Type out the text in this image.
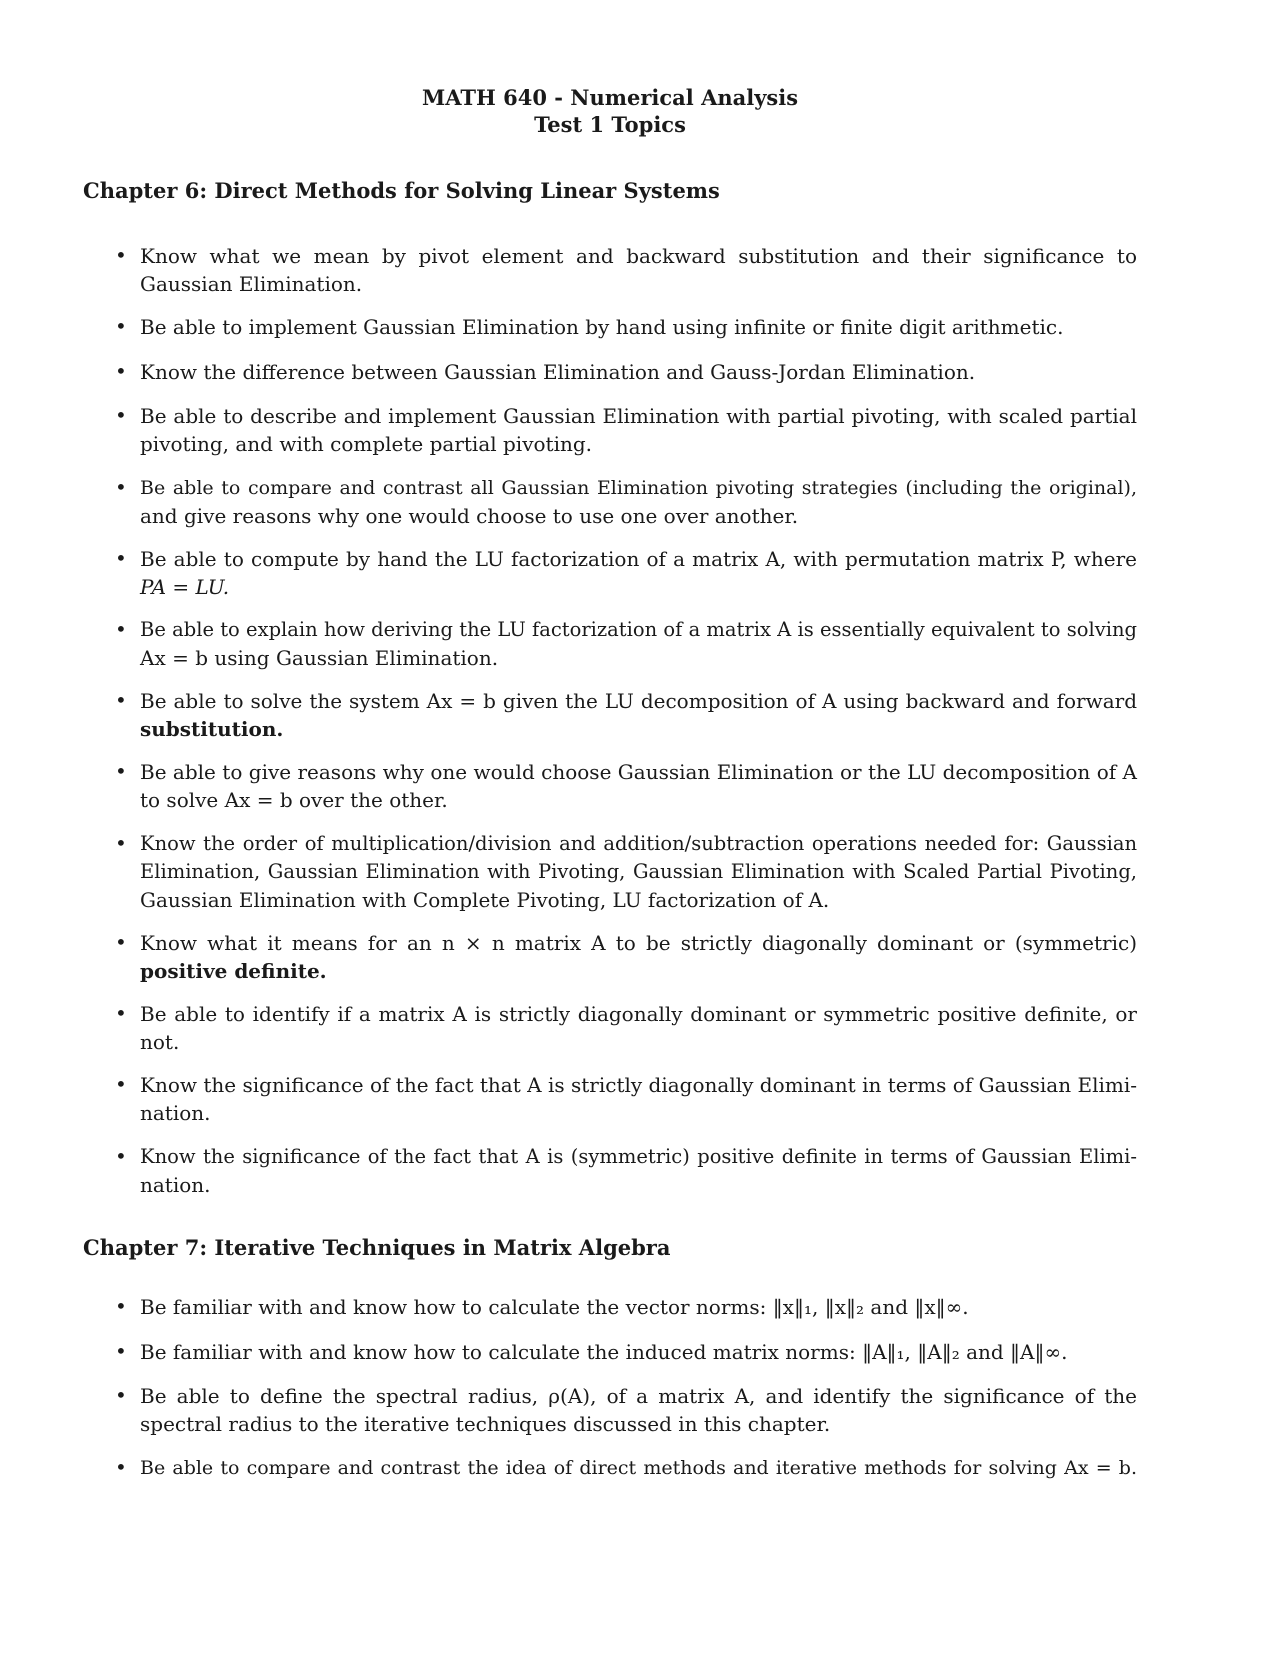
MATH 640 - Numerical Analysis
Test 1 Topics
Chapter 6: Direct Methods for Solving Linear Systems
• Know what we mean by pivot element and backward substitution and their significance to
Gaussian Elimination.
• Be able to implement Gaussian Elimination by hand using infinite or finite digit arithmetic.
• Know the difference between Gaussian Elimination and Gauss-Jordan Elimination.
• Be able to describe and implement Gaussian Elimination with partial pivoting, with scaled partial
pivoting, and with complete partial pivoting.
• Be able to compare and contrast all Gaussian Elimination pivoting strategies (including the original),
and give reasons why one would choose to use one over another.
• Be able to compute by hand the LU factorization of a matrix A, with permutation matrix P, where
PA = LU.
• Be able to explain how deriving the LU factorization of a matrix A is essentially equivalent to solving
Ax = b using Gaussian Elimination.
• Be able to solve the system Ax = b given the LU decomposition of A using backward and forward
substitution.
• Be able to give reasons why one would choose Gaussian Elimination or the LU decomposition of A
to solve Ax = b over the other.
• Know the order of multiplication/division and addition/subtraction operations needed for: Gaussian
Elimination, Gaussian Elimination with Pivoting, Gaussian Elimination with Scaled Partial Pivoting,
Gaussian Elimination with Complete Pivoting, LU factorization of A.
• Know what it means for an n × n matrix A to be strictly diagonally dominant or (symmetric)
positive definite.
• Be able to identify if a matrix A is strictly diagonally dominant or symmetric positive definite, or
not.
• Know the significance of the fact that A is strictly diagonally dominant in terms of Gaussian Elimi-
nation.
• Know the significance of the fact that A is (symmetric) positive definite in terms of Gaussian Elimi-
nation.
Chapter 7: Iterative Techniques in Matrix Algebra
• Be familiar with and know how to calculate the vector norms: ‖x‖₁, ‖x‖₂ and ‖x‖∞.
• Be familiar with and know how to calculate the induced matrix norms: ‖A‖₁, ‖A‖₂ and ‖A‖∞.
• Be able to define the spectral radius, ρ(A), of a matrix A, and identify the significance of the
spectral radius to the iterative techniques discussed in this chapter.
• Be able to compare and contrast the idea of direct methods and iterative methods for solving Ax = b.
